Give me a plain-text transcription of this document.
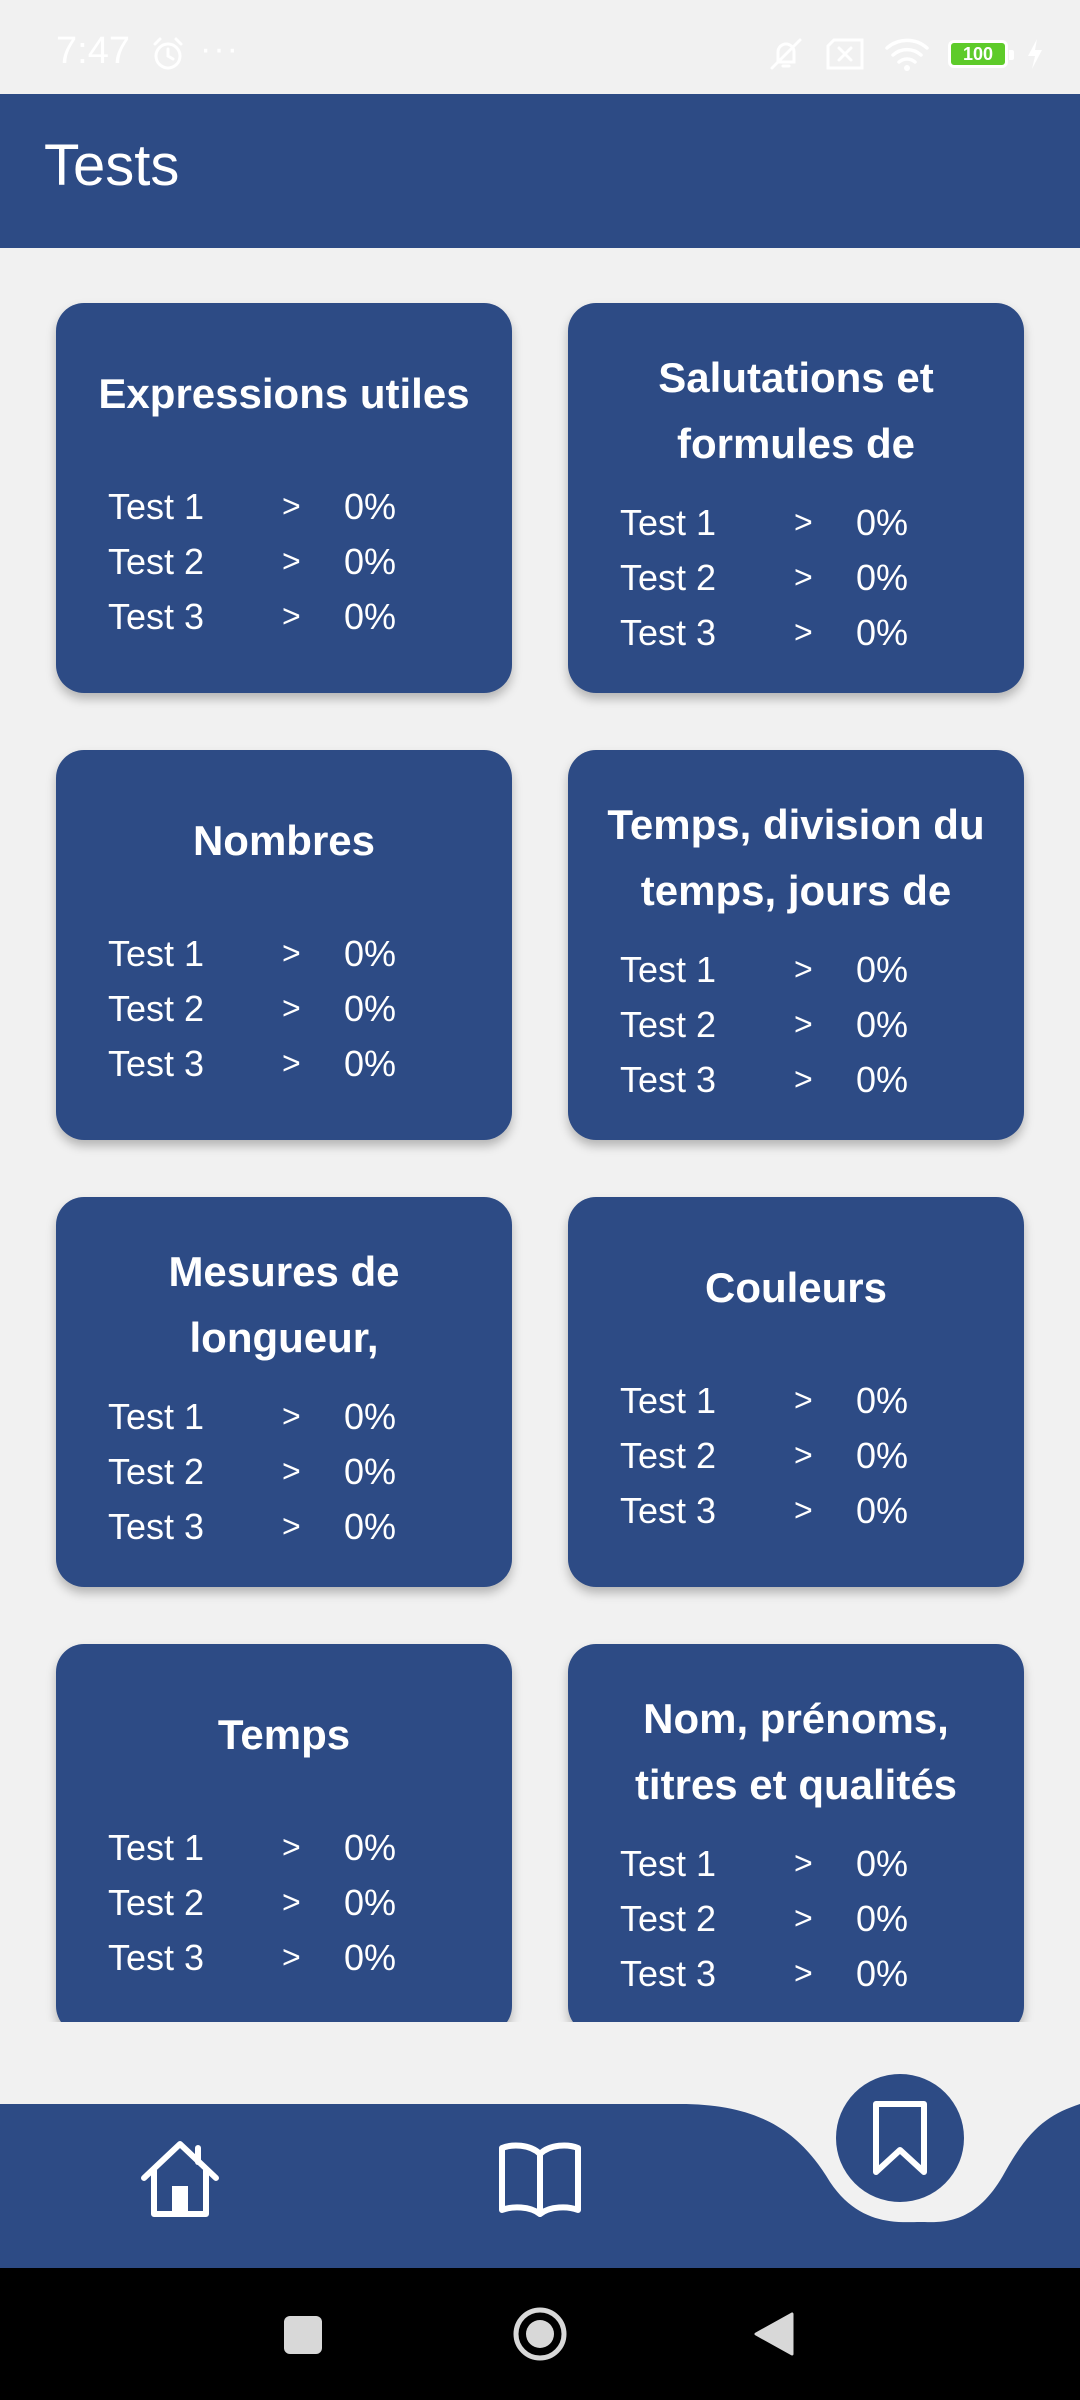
7:47 ···	100
Tests
Expressions utiles
Test 1	>	0%
Test 2	>	0%
Test 3	>	0%
Salutations et formules de
Test 1	>	0%
Test 2	>	0%
Test 3	>	0%
Nombres
Test 1	>	0%
Test 2	>	0%
Test 3	>	0%
Temps, division du temps, jours de
Test 1	>	0%
Test 2	>	0%
Test 3	>	0%
Mesures de longueur,
Test 1	>	0%
Test 2	>	0%
Test 3	>	0%
Couleurs
Test 1	>	0%
Test 2	>	0%
Test 3	>	0%
Temps
Test 1	>	0%
Test 2	>	0%
Test 3	>	0%
Nom, prénoms, titres et qualités
Test 1	>	0%
Test 2	>	0%
Test 3	>	0%
